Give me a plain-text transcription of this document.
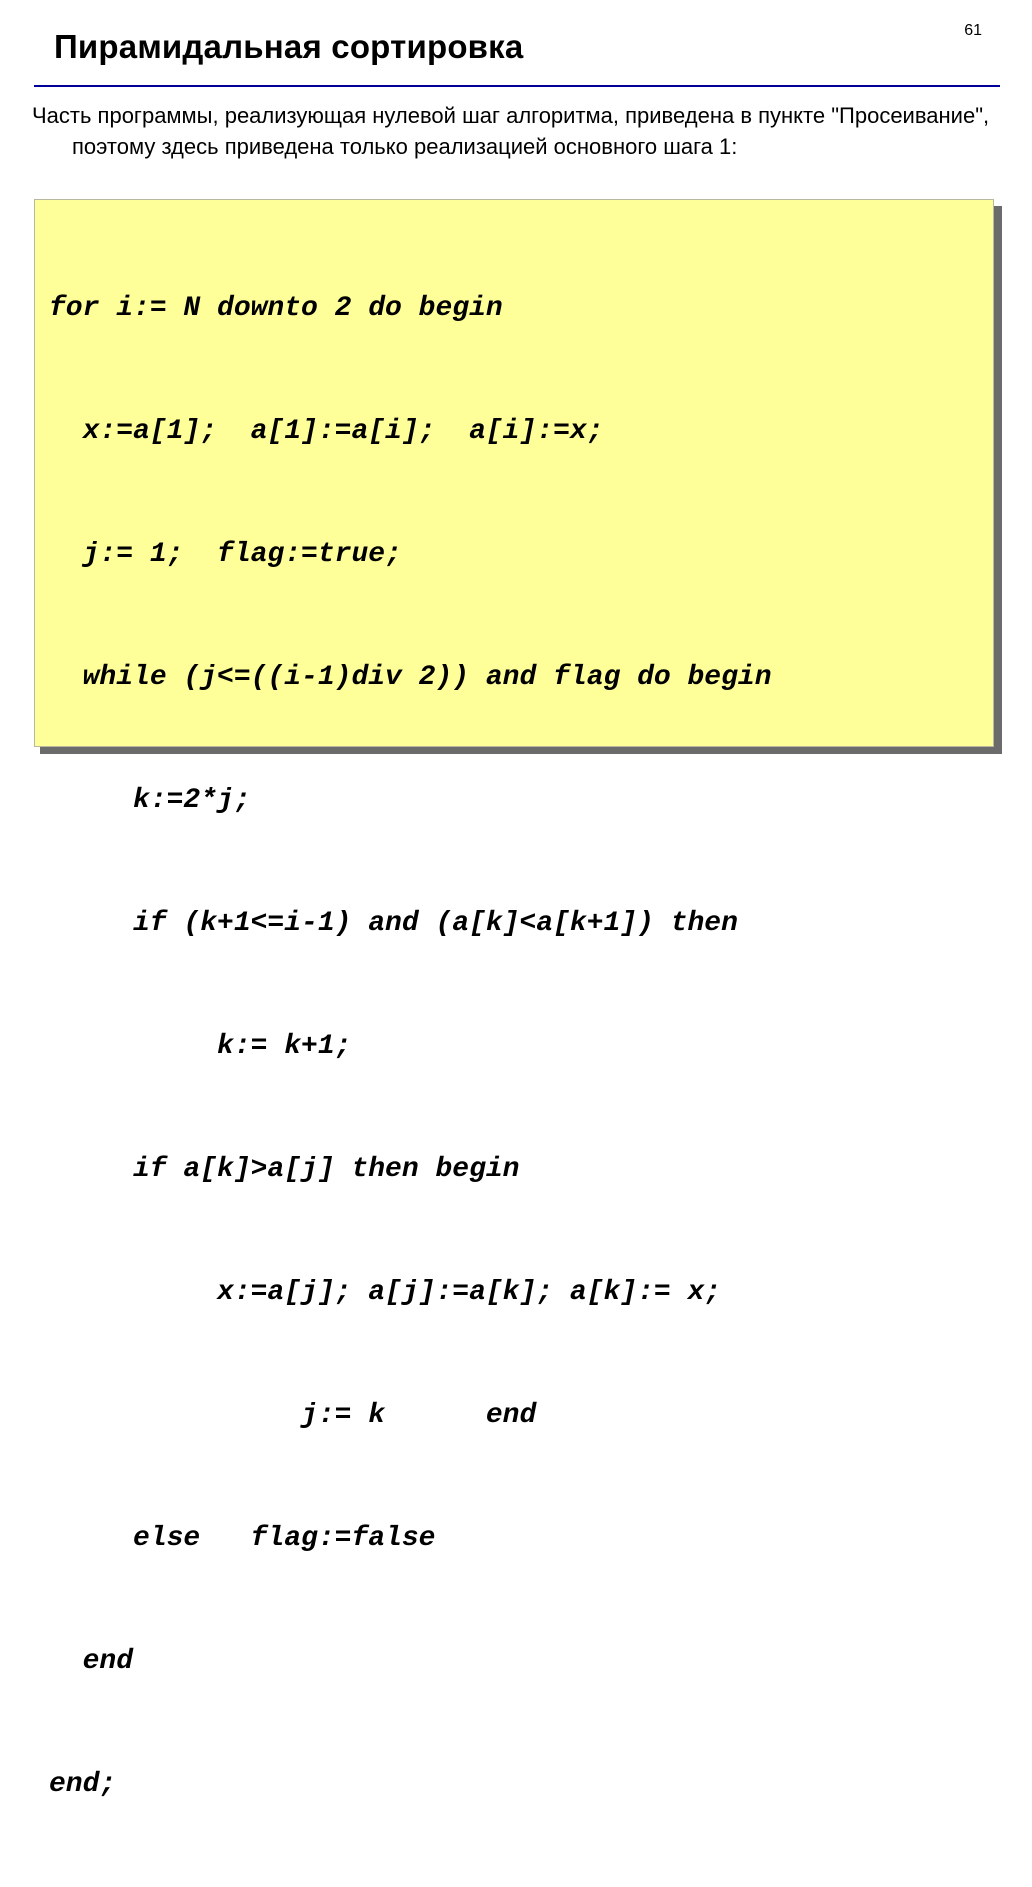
61
Пирамидальная сортировка

Часть программы, реализующая нулевой шаг алгоритма, приведена в пункте "Просеивание", поэтому здесь приведена только реализацией основного шага 1:

for i:= N downto 2 do begin

x:=a[1];  a[1]:=a[i];  a[i]:=x;

j:= 1;  flag:=true;

while (j<=((i-1)div 2)) and flag do begin

k:=2*j;

if (k+1<=i-1) and (a[k]<a[k+1]) then

k:= k+1;

if a[k]>a[j] then begin

x:=a[j]; a[j]:=a[k]; a[k]:= x;

j:= k      end

else   flag:=false

end

end;
